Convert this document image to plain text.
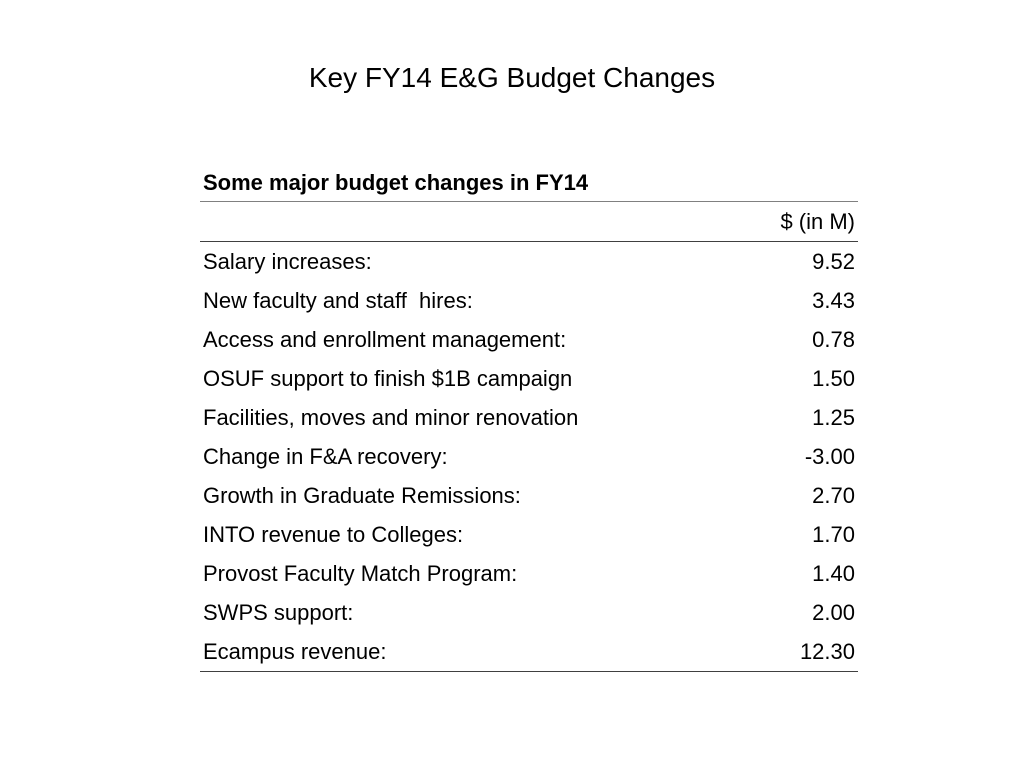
Key FY14 E&G Budget Changes
Some major budget changes in FY14	
	$ (in M)
Salary increases:	9.52
New faculty and staff  hires:	3.43
Access and enrollment management:	0.78
OSUF support to finish $1B campaign	1.50
Facilities, moves and minor renovation	1.25
Change in F&A recovery:	-3.00
Growth in Graduate Remissions:	2.70
INTO revenue to Colleges:	1.70
Provost Faculty Match Program:	1.40
SWPS support:	2.00
Ecampus revenue:	12.30
